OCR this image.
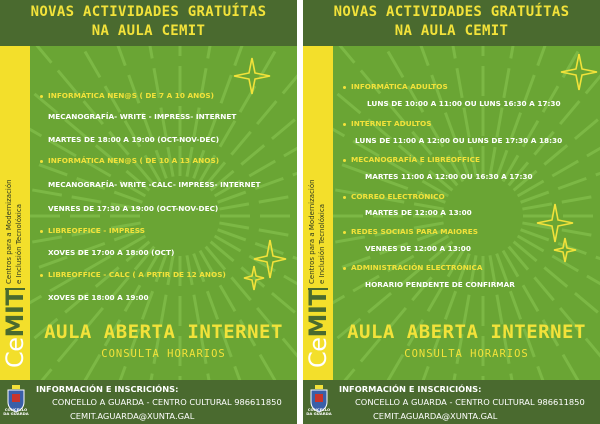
NOVAS ACTIVIDADES GRATUÍTAS
NA AULA CEMIT
CeMIT
Centros para a Modernización e Inclusión Tecnolóxica
INFORMÁTICA NEN@S ( DE 7 A 10 ANOS)
MECANOGRAFÍA- WRITE - IMPRESS- INTERNET
MARTES DE 18:00 A 19:00 (OCT-NOV-DEC)
INFORMÁTICA NEN@S ( DE 10 A 13 ANOS)
MECANOGRAFÍA- WRITE -CALC- IMPRESS- INTERNET
VENRES DE 17:30 A 19:00 (OCT-NOV-DEC)
LIBREOFFICE - IMPRESS
XOVES DE 17:00 A 18:00 (OCT)
LIBREOFFICE - CALC ( A PRTIR DE 12 ANOS)
XOVES DE 18:00 A 19:00
AULA ABERTA INTERNET
CONSULTA HORARIOS
CONCELLO
DA GUARDA
INFORMACIÓN E INSCRICIÓNS:
CONCELLO A GUARDA - CENTRO CULTURAL 986611850
CEMIT.AGUARDA@XUNTA.GAL
NOVAS ACTIVIDADES GRATUÍTAS
NA AULA CEMIT
CeMIT
Centros para a Modernización e Inclusión Tecnolóxica
INFORMÁTICA ADULTOS
LUNS DE 10:00 A 11:00 OU LUNS 16:30 A 17:30
INTERNET ADULTOS
LUNS DE 11:00 A 12:00 OU LUNS DE 17:30 A 18:30
MECANOGRAFÍA E LIBREOFFICE
MARTES 11:00 A 12:00 OU 16:30 A 17:30
CORREO ELECTRÓNICO
MARTES DE 12:00 A 13:00
REDES SOCIAIS PARA MAIORES
VENRES DE 12:00 A 13:00
ADMINISTRACIÓN ELECTRÓNICA
HORARIO PENDENTE DE CONFIRMAR
AULA ABERTA INTERNET
CONSULTA HORARIOS
CONCELLO
DA GUARDA
INFORMACIÓN E INSCRICIÓNS:
CONCELLO A GUARDA - CENTRO CULTURAL 986611850
CEMIT.AGUARDA@XUNTA.GAL
